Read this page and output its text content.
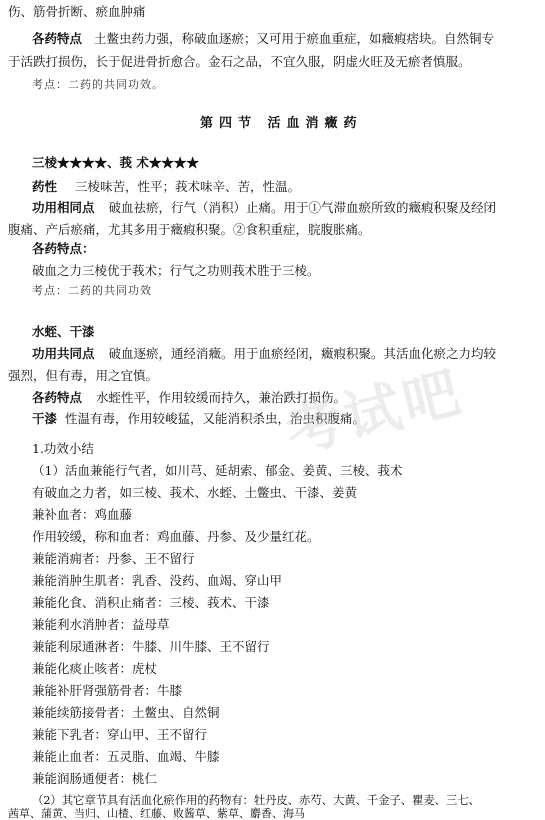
伤、筋骨折断、瘀血肿痛
各药特点 土鳖虫药力强，称破血逐瘀；又可用于瘀血重症，如癥瘕痞块。自然铜专
于活跌打损伤，长于促进骨折愈合。金石之品，不宜久服，阴虚火旺及无瘀者慎服。
考点：二药的共同功效。
第四节 活血消癥药
三棱★★★★、莪 术★★★★
药性 三棱味苦，性平；莪术味辛、苦，性温。
功用相同点 破血祛瘀，行气（消积）止痛。用于①气滞血瘀所致的癥瘕积聚及经闭
腹痛、产后瘀痛，尤其多用于癥瘕积聚。②食积重症，脘腹胀痛。
各药特点：
破血之力三棱优于莪术；行气之功则莪术胜于三棱。
考点：二药的共同功效
水蛭、干漆
功用共同点 破血逐瘀，通经消癥。用于血瘀经闭，癥瘕积聚。其活血化瘀之力均较
强烈，但有毒，用之宜慎。
各药特点 水蛭性平，作用较缓而持久，兼治跌打损伤。
干漆 性温有毒，作用较峻猛，又能消积杀虫，治虫积腹痛。
1.功效小结
（1）活血兼能行气者，如川芎、延胡索、郁金、姜黄、三棱、莪术
有破血之力者，如三棱、莪术、水蛭、土鳖虫、干漆、姜黄
兼补血者：鸡血藤
作用较缓，称和血者：鸡血藤、丹参、及少量红花。
兼能消痈者：丹参、王不留行
兼能消肿生肌者：乳香、没药、血竭、穿山甲
兼能化食、消积止痛者：三棱、莪术、干漆
兼能利水消肿者：益母草
兼能利尿通淋者：牛膝、川牛膝、王不留行
兼能化痰止咳者：虎杖
兼能补肝肾强筋骨者：牛膝
兼能续筋接骨者：土鳖虫、自然铜
兼能下乳者：穿山甲、王不留行
兼能止血者：五灵脂、血竭、牛膝
兼能润肠通便者：桃仁
（2）其它章节具有活血化瘀作用的药物有：牡丹皮、赤芍、大黄、千金子、瞿麦、三七、
茜草、蒲黄、当归、山楂、红藤、败酱草、紫草、麝香、海马
考试吧
